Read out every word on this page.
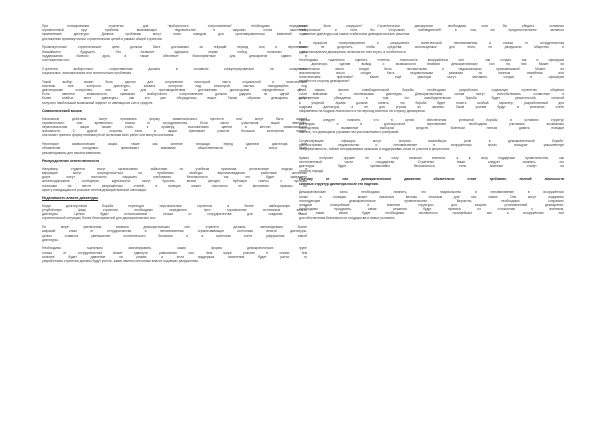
При планировании стратегии для "выборочного сопротивления" необходимо определить
ограниченный круг проблем, вызывающих недовольство в широких слоях населения,
приемлемые диктатуре. Данные проблемы могут стать поводом для целенаправленных кампаний по
достижению промежуточных стратегических целей в рамках общей стратегии.
Промежуточные стратегические цели должны быть достижимы за текущий период или в перспективе
ближайшего будущего. Это позволит одержать серию побед, полезных для
поддержания боевого духа, а также обеспечит благоприятные для демократов сдвиги в
соотношении сил.
Стратегия выборочного сопротивления должна в основном концентрироваться на конкретных
социальных, экономических или политических проблемах.
Такой выбор может быть сделан для сохранения некоторой части социальной и политической
системы вне контроля диктатуры, захвата контроля над некоторой частью, находящейся под
диктаторским контролем, или же для противодействия достижению диктаторами определённых целей.
Если имеется возможность, кампания выборочного сопротивления должна ударить по одной или
более слабых мест диктатуры, как это уже обсуждалось выше. Таким образом демократы могут
получить наибольший возможный эффект от имеющихся сил и средств.
Символический вызов
Начальные действия могут принимать форму символического протеста или могут быть акцией
ограниченного или временного отказа от сотрудничества. Если число участников акции невелико,
первоначальная акция может стать, к примеру, возложением цветов в местах символической
значимости. С другой стороны, если в акции принимает участие большое количество людей,
она может принять форму пятиминутной остановки всех работ или минуты молчания.
Некоторые символические акции, такие как занятие площади, перед зданием диктатора, или
объявление голодовки, привлекают внимание общественности и могут быть
рекомендованы для начала кампании.
Распределение ответственности
Например, студенты могут организовать забастовки по учебным причинам, религиозные лидеры и
верующие могут сосредоточиться на проблемах свободы вероисповедания, работники железных
дорог могут постоянно нарушать требования безопасности так, что будет замедлено
железнодорожное сообщение, журналисты могут бросить вызов цензуре, публикуя газеты с пустыми
полосами на месте запрещённых статей, а полиция может постоянно не выполнять приказы по
аресту находящихся в розыске членов демократической оппозиции.
Неделимость власти диктатуры
Когда долгосрочная борьба переходит персональные стратегии в более амбициозную и
углублённую фазу, стратегии необходимо определить пути ограничения источников власти
диктатуры. Целью будет использование отказа от сотрудничества для создания новой
стратегической ситуации, более благоприятной для демократических сил.
По мере увеличения влияния демократических сил, стратеги должны запланировать более
широкий отказ от сотрудничества и неповиновения, ограничивающие источники власти диктатуры,
целью ставится уменьшение политического бессилия и, в конечном счёте, разрушение самой
диктатуры.
Необходимо тщательно запланировать, какая форма демократических групп
отказа от сотрудничества может сдвинуть равновесие сил. Чем шире участие в отказе, тем
сильнее будет давление на режим, а если поддержка населения будет расти, то
разработчики стратегии должны будут учесть, какие именно источники власти подлежат разрушению.
может быть сокрушен? Стратегически демократии необходимо хотя бы убедить основных
"нейтральных" и хотя бы "сторонних наблюдателей" в том, что предпочтительнее является
поражение диктатуры как самое стабильное демократическое решение.
В процессе ниспровержения и разрушения политической неповиновения и отказа от сотрудничества
важно не допустить, чтобы средства, используемые для этого, не разрушили общество, и
для установления демократии, включая ее институты, в особенности.
Необходимо тщательно оценить степень лояльности вооружённых сил - как солдат, так и офицеров
- диктатора, сделав вывод о возможности влияния демократических сил на них. Может ли
значительное число солдат быть несчастными и недовольными призывниками? Может ли
значительное число солдат быть недовольными режимом по личным, семейным или
политическим причинам? Какие ещё факторы могут заставить солдат и офицеров
перейти на сторону демократов?
В самом начале освободительной борьбы необходимо разработать отдельную стратегию общения
с войсками и чиновниками диктатуры. Демократическим силам могут способствовать словесные и
действенные убеждения в том, что освободительная борьба будет решительной, сильной
и упорной. Армия должна понять, что борьба будет носить особый характер, разработанный для
подрыва диктатуры, а не для угрозы их жизням. Такие усилия будут в конечном счёте
направлены на подрыв лояльности и на переход военных на сторону демократии.
Однако следует помнить, что в целях обеспечения успешной борьбы в условиях структур
диктатуры и в долгосрочной перспективе, необходимо учитывать возможные
последствия, вызванные выбором средств. Военным нельзя давать поводов
считать, что демократы угрожают им уничтожением и расправой.
Сочувствующие офицеры могут сыграть важнейшую роль в демократической борьбе,
распространяя недовольство и неповиновение в вооружённых силах, поощряя умышленную
неэффективность, тайное игнорирование приказов и поддерживая отказ от участия в репрессиях.
Армия получает оружие не в силу наличия военных, а в силу поддержки правительства, как
неотъемлемой части государства. Стратегам также следует помнить, что
диктатура будет чрезвычайно беспокоиться, если военные станут на
сторону народа.
Поэтому от сил демократического движения обязательно стоит требовать полной лояльности
силовых структур диктатора после его падения.
Демократические силы необходимо помнить, что недовольство и неповиновение в вооружённых
силах и полиции может оказаться весьма опасным для них самих. Они могут подорвать
последующее демократическое правительство. Вероятно, необходимо сохранить
сильные полицейские и военные структуры для защиты установленной демократии.
Необходимо продумать, какие решения будут приняты по отношению к военным,
а также какая будет необходима численность полицейских сил и вооружённых сил
для обеспечения безопасности государства в новых условиях.
